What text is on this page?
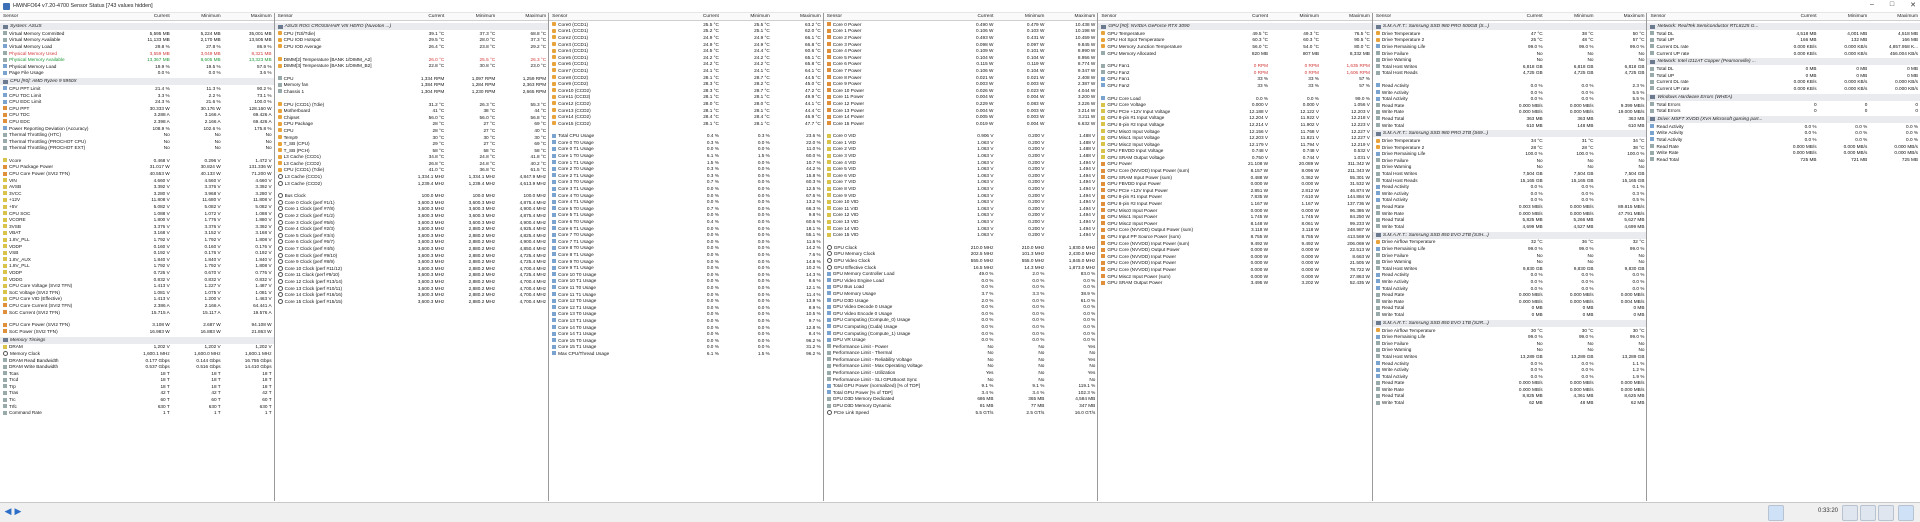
HWiNFO64 v7.20-4700 Sensor Status [743 values hidden]	– □ ✕
Sensor	Current	Minimum	Maximum
System: ASUS
Virtual Memory Committed	5,595 MB	5,224 MB	35,001 MB
Virtual Memory Available	11,133 MB	2,170 MB	13,505 MB
Virtual Memory Load	29.8 %	27.8 %	86.9 %
Physical Memory Used	3,559 MB	3,049 MB	8,321 MB
Physical Memory Available	13,367 MB	8,605 MB	13,323 MB
Physical Memory Load	19.9 %	19.5 %	57.6 %
Page File Usage	0.0 %	0.0 %	3.6 %
CPU [#0]: AMD Ryzen 9 5950X
CPU PPT Limit	21.4 %	11.3 %	90.2 %
CPU TDC Limit	3.3 %	2.2 %	73.1 %
CPU EDC Limit	24.3 %	21.6 %	100.0 %
CPU PPT	30.333 W	30.176 W	128.160 W
CPU TDC	3.288 A	3.166 A	69.426 A
CPU EDC	2.398 A	2.166 A	69.426 A
Power Reporting Deviation (Accuracy)	108.9 %	102.6 %	175.8 %
Thermal Throttling (HTC)	No	No	No
Thermal Throttling (PROCHOT CPU)	No	No	No
Thermal Throttling (PROCHOT EXT)	No	No	No
Vcore	0.468 V	0.296 V	1.472 V
CPU Package Power	31.017 W	30.824 W	131.336 W
CPU Core Power (SVI2 TFN)	40.553 W	40.133 W	71.200 W
VIN	4.660 V	4.560 V	4.660 V
AVSB	3.392 V	3.376 V	3.392 V
3VCC	3.280 V	3.968 V	3.280 V
+12V	11.808 V	11.680 V	11.808 V
+5V	5.082 V	5.082 V	5.082 V
CPU SOC	1.088 V	1.072 V	1.088 V
VCORE	1.800 V	1.776 V	1.880 V
3VSB	3.376 V	3.376 V	3.392 V
VBAT	3.168 V	3.152 V	3.168 V
1.8V_PLL	1.792 V	1.792 V	1.808 V
VDDP	0.160 V	0.160 V	0.176 V
VSB	0.192 V	0.176 V	0.192 V
1.8V_AUX	1.840 V	1.840 V	1.840 V
1.8V_PLL	1.792 V	1.792 V	1.808 V
VDDP	0.726 V	0.670 V	0.776 V
VDDG	0.832 V	0.832 V	0.832 V
CPU Core Voltage (SVI2 TFN)	1.413 V	1.227 V	1.487 V
SoC Voltage (SVI2 TFN)	1.081 V	1.075 V	1.081 V
CPU Core VID (Effective)	1.413 V	1.200 V	1.463 V
CPU Core Current (SVI2 TFN)	2.386 A	2.166 A	64.441 A
SoC Current (SVI2 TFN)	15.715 A	15.117 A	19.576 A
CPU Core Power (SVI2 TFN)	3.108 W	2.687 W	94.108 W
SoC Power (SVI2 TFN)	16.983 W	16.883 W	21.863 W
Memory Timings
DRAM	1,202 V	1,202 V	1,202 V
Memory Clock	1,600.1 MHz	1,600.0 MHz	1,600.1 MHz
DRAM Read Bandwidth	0.177 Gbps	0.144 Gbps	16.755 Gbps
DRAM Write Bandwidth	0.537 Gbps	0.516 Gbps	14.410 Gbps
Tcas	18 T	18 T	18 T
Trcd	18 T	18 T	18 T
Trp	18 T	18 T	18 T
Tras	42 T	42 T	42 T
Trc	60 T	60 T	60 T
Trfc	630 T	630 T	630 T
Command Rate	1 T	1 T	1 T
Sensor	Current	Minimum	Maximum
ASUS ROG CROSSHAIR VIII HERO (Nuvoton ...)
CPU (Tctl/Tdie)	39.1 °C	37.3 °C	68.8 °C
CPU IOD Hotspot	29.5 °C	28.0 °C	37.3 °C
CPU IOD Average	26.4 °C	23.8 °C	29.2 °C
DIMM[2] Temperature [BANK 1/DIMM_A2]	26.0 °C	25.5 °C	26.3 °C
DIMM[3] Temperature [BANK 1/DIMM_B2]	22.8 °C	30.8 °C	23.0 °C
CPU	1,334 RPM	1,097 RPM	1,259 RPM
Memory fan	1,384 RPM	1,284 RPM	2,363 RPM
Chassis 1	1,304 RPM	1,230 RPM	2,665 RPM
CPU (CCD1) (Tdie)	31.2 °C	26.3 °C	55.3 °C
Motherboard	41 °C	38 °C	44 °C
Chipset	56.0 °C	56.0 °C	56.8 °C
CPU Package	28 °C	27 °C	69 °C
CPU	28 °C	27 °C	40 °C
Temp9	30 °C	30 °C	30 °C
T_SB (CPU)	29 °C	27 °C	69 °C
T_SB (PCH)	58 °C	58 °C	58 °C
L3 Cache (CCD1)	34.8 °C	24.8 °C	41.8 °C
L3 Cache (CCD2)	26.8 °C	24.8 °C	40.2 °C
CPU (CCD1) (Tdie)	41.0 °C	36.8 °C	61.5 °C
L3 Cache (CCD1)	1,334.1 MHz	1,334.1 MHz	4,847.9 MHz
L3 Cache (CCD2)	1,239.4 MHz	1,239.4 MHz	4,613.9 MHz
Bus Clock	100.0 MHz	100.0 MHz	100.0 MHz
Core 0 Clock (perf #1/1)	3,600.3 MHz	3,600.3 MHz	4,875.4 MHz
Core 1 Clock (perf #7/8)	3,600.3 MHz	3,600.3 MHz	4,900.4 MHz
Core 2 Clock (perf #1/2)	3,600.3 MHz	3,600.3 MHz	4,875.4 MHz
Core 3 Clock (perf #5/6)	3,600.3 MHz	3,600.3 MHz	4,900.4 MHz
Core 4 Clock (perf #2/3)	3,600.3 MHz	2,880.2 MHz	4,925.4 MHz
Core 5 Clock (perf #3/4)	3,600.3 MHz	2,880.2 MHz	4,825.4 MHz
Core 6 Clock (perf #6/7)	3,600.3 MHz	2,880.2 MHz	4,900.4 MHz
Core 7 Clock (perf #4/5)	3,600.3 MHz	2,880.2 MHz	4,850.4 MHz
Core 8 Clock (perf #9/10)	3,600.3 MHz	2,880.2 MHz	4,725.4 MHz
Core 9 Clock (perf #8/9)	3,600.3 MHz	2,880.2 MHz	4,725.4 MHz
Core 10 Clock (perf #11/12)	3,600.3 MHz	2,880.2 MHz	4,700.4 MHz
Core 11 Clock (perf #9/10)	3,600.3 MHz	2,880.2 MHz	4,725.4 MHz
Core 12 Clock (perf #13/14)	3,600.3 MHz	2,880.2 MHz	4,700.4 MHz
Core 13 Clock (perf #10/11)	3,600.3 MHz	2,880.2 MHz	4,700.4 MHz
Core 14 Clock (perf #16/16)	3,600.3 MHz	2,880.2 MHz	4,700.4 MHz
Core 15 Clock (perf #15/15)	3,600.3 MHz	2,880.2 MHz	4,700.4 MHz
Sensor	Current	Minimum	Maximum
Core0 (CCD1)	25.5 °C	25.5 °C	63.2 °C
Core1 (CCD1)	25.2 °C	25.1 °C	62.0 °C
Core2 (CCD1)	24.9 °C	24.9 °C	66.1 °C
Core3 (CCD1)	24.9 °C	24.9 °C	66.8 °C
Core4 (CCD1)	24.5 °C	24.4 °C	60.6 °C
Core5 (CCD1)	24.2 °C	24.2 °C	65.1 °C
Core6 (CCD1)	24.2 °C	24.2 °C	65.8 °C
Core7 (CCD1)	24.1 °C	24.1 °C	64.1 °C
Core8 (CCD2)	28.1 °C	28.7 °C	44.5 °C
Core9 (CCD2)	28.3 °C	28.2 °C	45.0 °C
Core10 (CCD2)	28.3 °C	28.7 °C	47.2 °C
Core11 (CCD2)	28.1 °C	28.1 °C	49.9 °C
Core12 (CCD2)	28.0 °C	28.0 °C	44.1 °C
Core13 (CCD2)	28.1 °C	28.1 °C	44.4 °C
Core14 (CCD2)	28.4 °C	28.4 °C	46.9 °C
Core15 (CCD2)	28.1 °C	28.1 °C	47.7 °C
Total CPU Usage	0.4 %	0.3 %	23.6 %
Core 0 T0 Usage	0.3 %	0.0 %	22.0 %
Core 0 T1 Usage	0.0 %	0.0 %	11.0 %
Core 1 T0 Usage	6.1 %	1.5 %	60.0 %
Core 1 T1 Usage	1.5 %	0.0 %	10.7 %
Core 2 T0 Usage	0.3 %	0.0 %	44.2 %
Core 2 T1 Usage	0.3 %	0.0 %	15.8 %
Core 3 T0 Usage	0.7 %	0.0 %	60.3 %
Core 3 T1 Usage	0.0 %	0.0 %	12.5 %
Core 4 T0 Usage	0.0 %	0.0 %	67.6 %
Core 4 T1 Usage	0.0 %	0.0 %	13.2 %
Core 5 T0 Usage	0.7 %	0.0 %	66.3 %
Core 5 T1 Usage	0.0 %	0.0 %	9.8 %
Core 6 T0 Usage	0.4 %	0.0 %	60.6 %
Core 6 T1 Usage	0.0 %	0.0 %	18.1 %
Core 7 T0 Usage	0.0 %	0.0 %	55.1 %
Core 7 T1 Usage	0.0 %	0.0 %	11.6 %
Core 8 T0 Usage	0.0 %	0.0 %	14.2 %
Core 8 T1 Usage	0.0 %	0.0 %	7.6 %
Core 9 T0 Usage	0.0 %	0.0 %	14.8 %
Core 9 T1 Usage	0.0 %	0.0 %	10.2 %
Core 10 T0 Usage	0.0 %	0.0 %	14.3 %
Core 10 T1 Usage	0.0 %	0.0 %	8.6 %
Core 11 T0 Usage	0.0 %	0.0 %	12.1 %
Core 11 T1 Usage	0.0 %	0.0 %	11.4 %
Core 12 T0 Usage	0.0 %	0.0 %	13.9 %
Core 12 T1 Usage	0.0 %	0.0 %	8.9 %
Core 13 T0 Usage	0.0 %	0.0 %	10.5 %
Core 13 T1 Usage	0.0 %	0.0 %	9.7 %
Core 14 T0 Usage	0.0 %	0.0 %	12.8 %
Core 14 T1 Usage	0.0 %	0.0 %	8.4 %
Core 15 T0 Usage	0.0 %	0.0 %	96.2 %
Core 15 T1 Usage	0.0 %	0.0 %	31.2 %
Max CPU/Thread Usage	6.1 %	1.5 %	96.2 %
Sensor	Current	Minimum	Maximum
Core 0 Power	0.490 W	0.479 W	10.438 W
Core 1 Power	0.106 W	0.103 W	10.198 W
Core 2 Power	0.493 W	0.431 W	10.459 W
Core 3 Power	0.098 W	0.097 W	9.845 W
Core 4 Power	0.109 W	0.101 W	8.990 W
Core 5 Power	0.104 W	0.104 W	8.956 W
Core 6 Power	0.115 W	0.119 W	8.774 W
Core 7 Power	0.106 W	0.104 W	9.347 W
Core 8 Power	0.021 W	0.021 W	2.408 W
Core 9 Power	0.003 W	0.003 W	2.387 W
Core 10 Power	0.026 W	0.023 W	4.044 W
Core 11 Power	0.004 W	0.004 W	3.200 W
Core 12 Power	0.229 W	0.083 W	3.226 W
Core 13 Power	0.004 W	0.003 W	3.214 W
Core 14 Power	0.005 W	0.003 W	3.211 W
Core 15 Power	0.019 W	0.004 W	6.632 W
Core 0 VID	0.906 V	0.200 V	1.488 V
Core 1 VID	1.063 V	0.200 V	1.488 V
Core 2 VID	1.063 V	0.200 V	1.488 V
Core 3 VID	1.063 V	0.200 V	1.488 V
Core 4 VID	1.063 V	0.200 V	1.494 V
Core 5 VID	1.063 V	0.200 V	1.494 V
Core 6 VID	1.063 V	0.200 V	1.494 V
Core 7 VID	1.063 V	0.200 V	1.494 V
Core 8 VID	1.063 V	0.200 V	1.494 V
Core 9 VID	1.063 V	0.200 V	1.494 V
Core 10 VID	1.063 V	0.200 V	1.494 V
Core 11 VID	1.063 V	0.200 V	1.494 V
Core 12 VID	1.063 V	0.200 V	1.494 V
Core 13 VID	1.063 V	0.200 V	1.494 V
Core 14 VID	1.063 V	0.200 V	1.494 V
Core 15 VID	1.063 V	0.200 V	1.494 V
GPU Clock	210.0 MHz	210.0 MHz	1,830.0 MHz
GPU Memory Clock	202.5 MHz	101.3 MHz	2,430.0 MHz
GPU Video Clock	555.0 MHz	555.0 MHz	1,845.0 MHz
GPU Effective Clock	16.5 MHz	14.3 MHz	1,873.0 MHz
GPU Memory Controller Load	49.0 %	2.0 %	83.0 %
GPU Video Engine Load	0.0 %	0.0 %	0.0 %
GPU Bus Load	0.0 %	0.0 %	0.0 %
GPU Memory Usage	3.7 %	3.3 %	38.9 %
GPU D3D Usage	2.0 %	0.0 %	61.0 %
GPU Video Decode 0 Usage	0.0 %	0.0 %	0.0 %
GPU Video Encode 0 Usage	0.0 %	0.0 %	0.0 %
GPU Computing (Compute_0) Usage	0.0 %	0.0 %	0.0 %
GPU Computing (Cuda) Usage	0.0 %	0.0 %	0.0 %
GPU Computing (Compute_1) Usage	0.0 %	0.0 %	0.0 %
GPU VR Usage	0.0 %	0.0 %	0.0 %
Performance Limit - Power	No	No	Yes
Performance Limit - Thermal	No	No	No
Performance Limit - Reliability Voltage	No	No	Yes
Performance Limit - Max Operating Voltage	No	No	No
Performance Limit - Utilization	Yes	No	Yes
Performance Limit - SLI GPUBoost Sync	No	No	No
Total GPU Power (normalized) [% of TDP]	9.1 %	9.1 %	119.1 %
Total GPU Power [% of TDP]	3.4 %	3.4 %	102.3 %
GPU D3D Memory Dedicated	686 MB	365 MB	4,584 MB
GPU D3D Memory Dynamic	81 MB	77 MB	347 MB
PCIe Link Speed	5.5 GT/s	2.5 GT/s	16.0 GT/s
Sensor	Current	Minimum	Maximum
GPU [#0]: NVIDIA GeForce RTX 3090
GPU Temperature	49.5 °C	49.3 °C	76.5 °C
GPU Hot Spot Temperature	60.3 °C	60.3 °C	90.5 °C
GPU Memory Junction Temperature	56.0 °C	54.0 °C	80.0 °C
GPU Memory Allocated	820 MB	807 MB	8,332 MB
GPU Fan1	0 RPM	0 RPM	1,635 RPM
GPU Fan2	0 RPM	0 RPM	1,606 RPM
GPU Fan1	33 %	33 %	57 %
GPU Fan2	33 %	33 %	57 %
GPU Core Load	0.0 %	0.0 %	99.0 %
GPU Core Voltage	0.000 V	0.000 V	1.056 V
GPU PCIe +12V Input Voltage	12.188 V	12.122 V	12.203 V
GPU 8-pin #1 Input Voltage	12.204 V	11.922 V	12.218 V
GPU 8-pin #2 Input Voltage	12.214 V	11.902 V	12.223 V
GPU Misc0 Input Voltage	12.156 V	11.768 V	12.227 V
GPU Misc1 Input Voltage	12.203 V	11.821 V	12.227 V
GPU Misc2 Input Voltage	12.179 V	11.794 V	12.219 V
GPU FBVDD Input Voltage	0.748 V	0.748 V	0.532 V
GPU SRAM Output Voltage	0.750 V	0.744 V	1.031 V
GPU Power	21.108 W	20.089 W	311.342 W
GPU Core (NVVDD) Input Power (sum)	8.157 W	8.096 W	211.343 W
GPU SRAM Input Power (sum)	0.488 W	0.362 W	55.301 W
GPU FBVDD Input Power	0.000 W	0.000 W	31.532 W
GPU PCIe +12V Input Power	2.851 W	2.812 W	46.874 W
GPU 8-pin #1 Input Power	7.835 W	7.610 W	144.884 W
GPU 8-pin #2 Input Power	1.167 W	1.167 W	137.736 W
GPU Misc0 Input Power	0.000 W	0.000 W	96.386 W
GPU Misc1 Input Power	1.745 W	1.745 W	84.250 W
GPU Misc2 Input Power	8.148 W	8.061 W	99.233 W
GPU Core (NVVDD) Output Power (sum)	3.118 W	3.118 W	248.987 W
GPU Input PP Source Power (sum)	8.755 W	8.755 W	413.569 W
GPU Core (NVVDD) Input Power (sum)	9.492 W	9.492 W	206.069 W
GPU Core (NVVDD) Output Power	0.000 W	0.000 W	22.513 W
GPU Core (NVVDD) Input Power	0.000 W	0.000 W	8.663 W
GPU Core (NVVDD) Input Power	0.000 W	0.000 W	21.505 W
GPU Core (NVVDD) Input Power	0.000 W	0.000 W	78.722 W
GPU Misc2 Input Power (sum)	0.000 W	0.000 W	27.863 W
GPU SRAM Output Power	3.495 W	3.202 W	52.435 W
Sensor	Current	Minimum	Maximum
S.M.A.R.T.: Samsung SSD 980 PRO 500GB (S...)
Drive Temperature	47 °C	38 °C	50 °C
Drive Temperature 2	25 °C	48 °C	57 °C
Drive Remaining Life	99.0 %	99.0 %	99.0 %
Drive Failure	No	No	No
Drive Warning	No	No	No
Total Host Writes	6,818 GB	6,818 GB	6,818 GB
Total Host Reads	4,725 GB	4,725 GB	4,725 GB
Read Activity	0.0 %	0.0 %	2.3 %
Write Activity	0.0 %	0.0 %	5.5 %
Total Activity	0.0 %	0.0 %	5.5 %
Read Rate	0.000 MB/s	0.000 MB/s	9.399 MB/s
Write Rate	0.000 MB/s	0.000 MB/s	19.000 MB/s
Read Total	363 MB	363 MB	363 MB
Write Total	610 MB	148 MB	610 MB
S.M.A.R.T.: Samsung SSD 980 PRO 2TB (S69...)
Drive Temperature	34 °C	31 °C	34 °C
Drive Temperature 2	28 °C	28 °C	38 °C
Drive Remaining Life	100.0 %	100.0 %	100.0 %
Drive Failure	No	No	No
Drive Warning	No	No	No
Total Host Writes	7,504 GB	7,504 GB	7,504 GB
Total Host Reads	15,165 GB	15,165 GB	15,165 GB
Read Activity	0.0 %	0.0 %	0.1 %
Write Activity	0.0 %	0.0 %	0.3 %
Total Activity	0.0 %	0.0 %	0.5 %
Read Rate	0.003 MB/s	0.000 MB/s	89.815 MB/s
Write Rate	0.000 MB/s	0.000 MB/s	47.791 MB/s
Read Total	5,825 MB	5,266 MB	5,627 MB
Write Total	4,699 MB	4,527 MB	4,699 MB
S.M.A.R.T.: Samsung SSD 850 EVO 2TB (S3H...)
Drive Airflow Temperature	32 °C	36 °C	32 °C
Drive Remaining Life	99.0 %	99.0 %	99.0 %
Drive Failure	No	No	No
Drive Warning	No	No	No
Total Host Writes	9,830 GB	9,830 GB	9,830 GB
Read Activity	0.0 %	0.0 %	0.0 %
Write Activity	0.0 %	0.0 %	0.0 %
Total Activity	0.0 %	0.0 %	0.0 %
Read Rate	0.000 MB/s	0.000 MB/s	0.000 MB/s
Write Rate	0.000 MB/s	0.000 MB/s	0.004 MB/s
Read Total	0 MB	0 MB	0 MB
Write Total	0 MB	0 MB	0 MB
S.M.A.R.T.: Samsung SSD 850 EVO 1TB (S2R...)
Drive Airflow Temperature	30 °C	30 °C	30 °C
Drive Remaining Life	99.0 %	99.0 %	99.0 %
Drive Failure	No	No	No
Drive Warning	No	No	No
Total Host Writes	13,289 GB	13,289 GB	13,289 GB
Read Activity	0.0 %	0.0 %	1.1 %
Write Activity	0.0 %	0.0 %	1.2 %
Total Activity	0.0 %	0.0 %	1.9 %
Read Rate	0.000 MB/s	0.000 MB/s	0.000 MB/s
Write Rate	0.000 MB/s	0.000 MB/s	0.000 MB/s
Read Total	8,825 MB	4,361 MB	8,625 MB
Write Total	62 MB	48 MB	62 MB
Sensor	Current	Minimum	Maximum
Network: RealTek Semiconductor RTL8125 G...
Total DL	4,518 MB	4,001 MB	4,518 MB
Total UP	166 MB	132 MB	166 MB
Current DL rate	0.000 KB/s	0.000 KB/s	4,857.958 K...
Current UP rate	0.000 KB/s	0.000 KB/s	456.004 KB/s
Network: Intel I211AT Copper (Pearsonville) ...
Total DL	0 MB	0 MB	0 MB
Total UP	0 MB	0 MB	0 MB
Current DL rate	0.000 KB/s	0.000 KB/s	0.000 KB/s
Current UP rate	0.000 KB/s	0.000 KB/s	0.000 KB/s
Windows Hardware Errors (WHEA)
Total Errors	0	0	0
Total Errors	0	0	0
Drive: MSFT XVDD (XVA Microsoft gaming part...
Read Activity	0.0 %	0.0 %	0.0 %
Write Activity	0.0 %	0.0 %	0.0 %
Total Activity	0.0 %	0.0 %	0.0 %
Read Rate	0.000 MB/s	0.000 MB/s	0.000 MB/s
Write Rate	0.000 MB/s	0.000 MB/s	0.000 MB/s
Read Total	725 MB	721 MB	725 MB
◀ ▶	0:33:20
